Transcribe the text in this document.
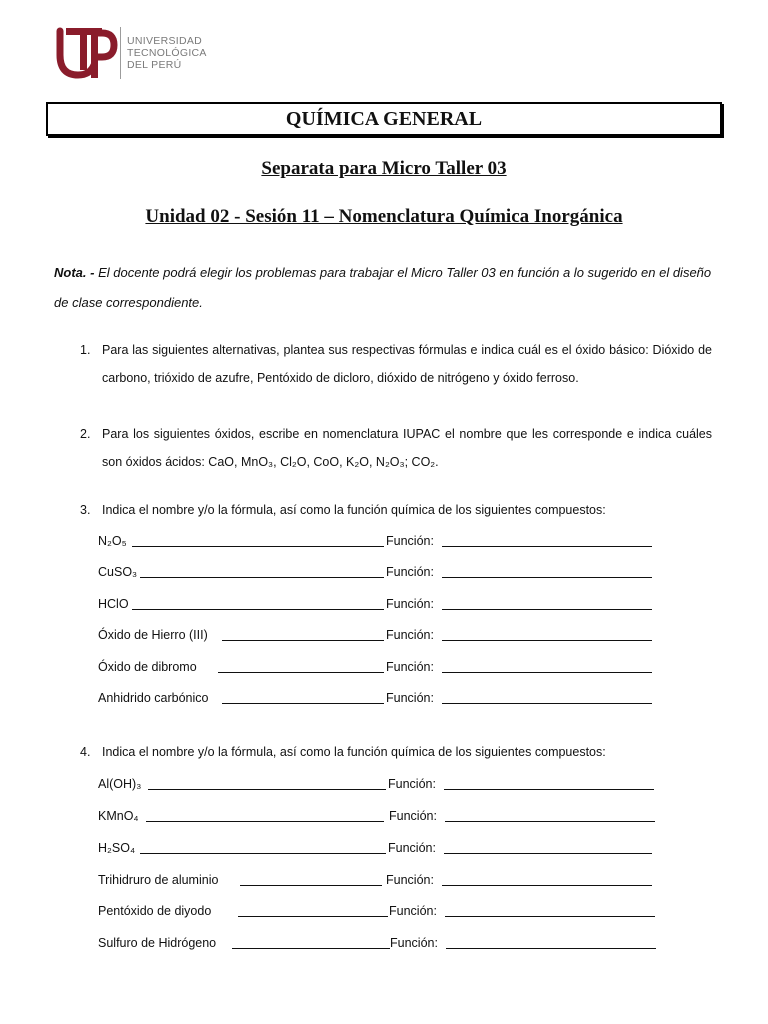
UNIVERSIDAD
TECNOLÓGICA
DEL PERÚ
QUÍMICA GENERAL
Separata para Micro Taller 03
Unidad 02 - Sesión 11 – Nomenclatura Química Inorgánica
Nota. - El docente podrá elegir los problemas para trabajar el Micro Taller 03 en función a lo sugerido en el diseño de clase correspondiente.
1. Para las siguientes alternativas, plantea sus respectivas fórmulas e indica cuál es el óxido básico: Dióxido de carbono, trióxido de azufre, Pentóxido de dicloro, dióxido de nitrógeno y óxido ferroso.
2. Para los siguientes óxidos, escribe en nomenclatura IUPAC el nombre que les corresponde e indica cuáles son óxidos ácidos: CaO, MnO₃, Cl₂O, CoO, K₂O, N₂O₃; CO₂.
3. Indica el nombre y/o la fórmula, así como la función química de los siguientes compuestos:
N₂O₅	Función:
CuSO₃	Función:
HClO	Función:
Óxido de Hierro (III)	Función:
Óxido de dibromo	Función:
Anhidrido carbónico	Función:
4. Indica el nombre y/o la fórmula, así como la función química de los siguientes compuestos:
Al(OH)₃	Función:
KMnO₄	Función:
H₂SO₄	Función:
Trihidruro de aluminio	Función:
Pentóxido de diyodo	Función:
Sulfuro de Hidrógeno	Función:
